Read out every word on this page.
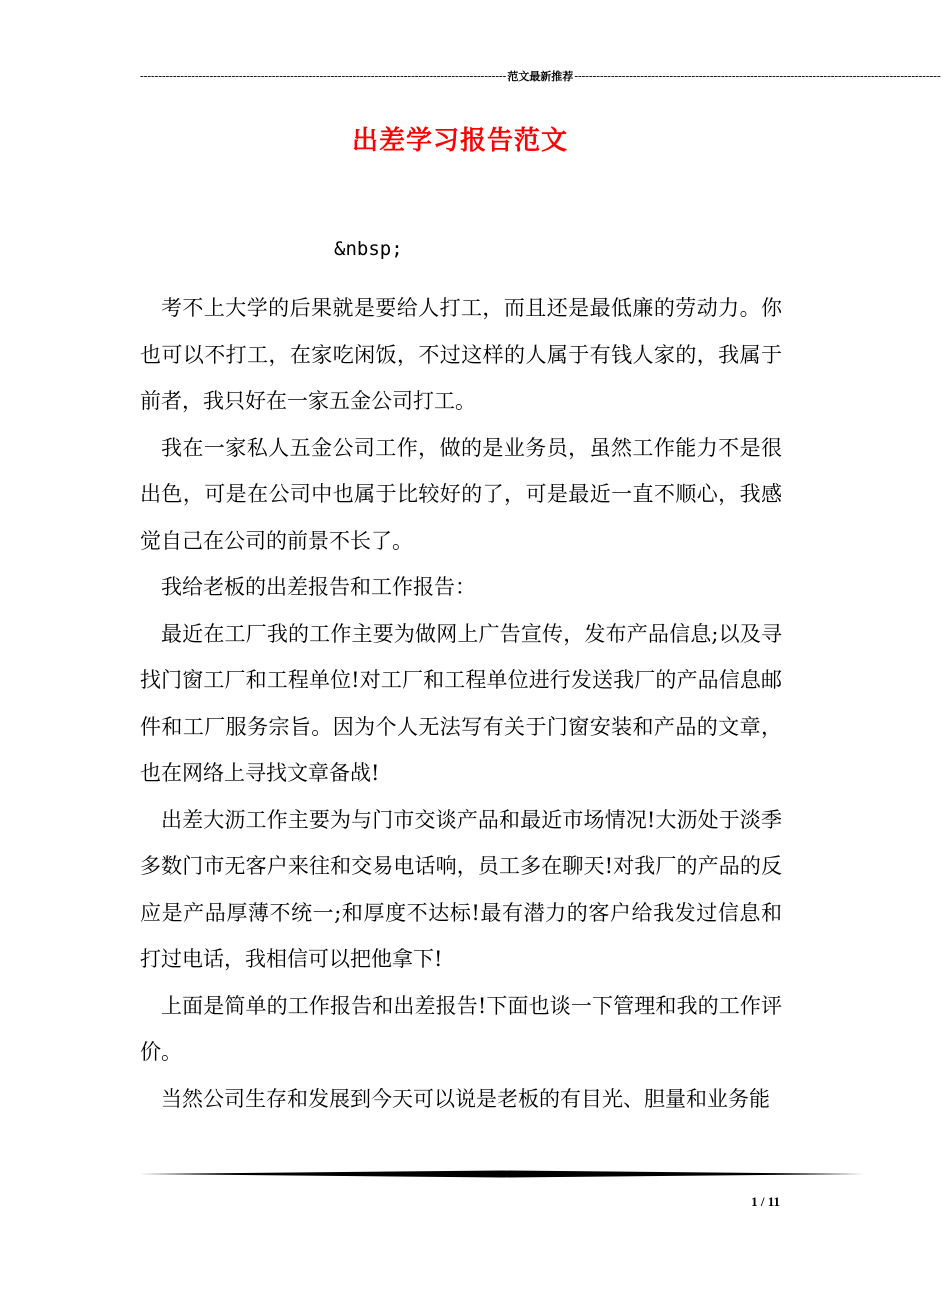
---------------------------------------------------------------------------------------------------- 范文最新推荐 ----------------------------------------------------------------------------------------------------
出差学习报告范文
&nbsp;

考不上大学的后果就是要给人打工，而且还是最低廉的劳动力。你也可以不打工，在家吃闲饭，不过这样的人属于有钱人家的，我属于前者，我只好在一家五金公司打工。

我在一家私人五金公司工作，做的是业务员，虽然工作能力不是很出色，可是在公司中也属于比较好的了，可是最近一直不顺心，我感觉自己在公司的前景不长了。

我给老板的出差报告和工作报告：

最近在工厂我的工作主要为做网上广告宣传，发布产品信息;以及寻找门窗工厂和工程单位!对工厂和工程单位进行发送我厂的产品信息邮件和工厂服务宗旨。因为个人无法写有关于门窗安装和产品的文章，也在网络上寻找文章备战!

出差大沥工作主要为与门市交谈产品和最近市场情况!大沥处于淡季多数门市无客户来往和交易电话响，员工多在聊天!对我厂的产品的反应是产品厚薄不统一;和厚度不达标!最有潜力的客户给我发过信息和打过电话，我相信可以把他拿下!

上面是简单的工作报告和出差报告!下面也谈一下管理和我的工作评价。

当然公司生存和发展到今天可以说是老板的有目光、胆量和业务能

1 / 11
